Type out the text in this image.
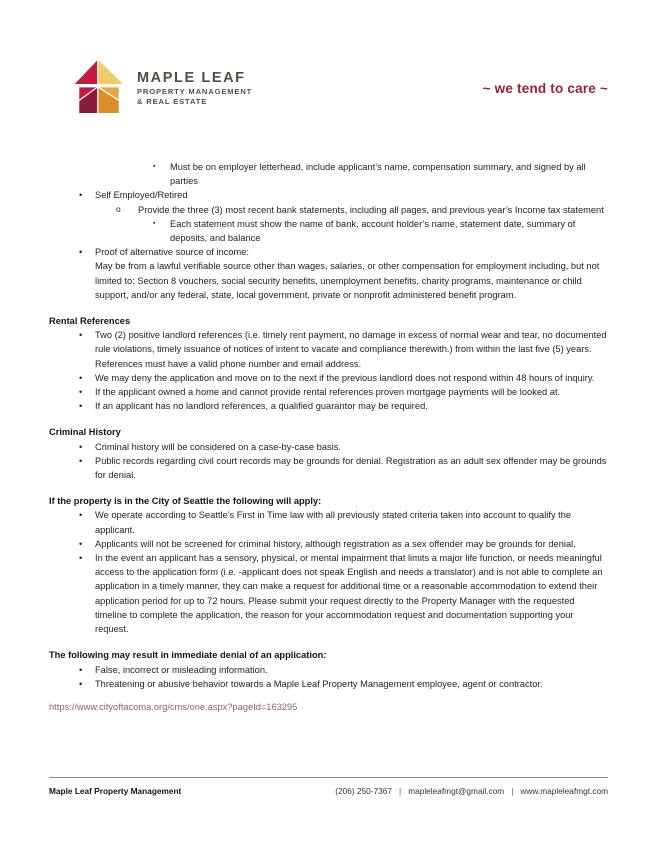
MAPLE LEAF
PROPERTY MANAGEMENT
& REAL ESTATE
~ we tend to care ~
▪ Must be on employer letterhead, include applicant’s name, compensation summary, and signed by all parties
• Self Employed/Retired
o Provide the three (3) most recent bank statements, including all pages, and previous year’s Income tax statement
▪ Each statement must show the name of bank, account holder’s name, statement date, summary of deposits, and balance
• Proof of alternative source of income:
May be from a lawful verifiable source other than wages, salaries, or other compensation for employment including, but not limited to: Section 8 vouchers, social security benefits, unemployment benefits, charity programs, maintenance or child support, and/or any federal, state, local government, private or nonprofit administered benefit program.
Rental References
• Two (2) positive landlord references (i.e. timely rent payment, no damage in excess of normal wear and tear, no documented rule violations, timely issuance of notices of intent to vacate and compliance therewith.) from within the last five (5) years. References must have a valid phone number and email address.
• We may deny the application and move on to the next if the previous landlord does not respond within 48 hours of inquiry.
• If the applicant owned a home and cannot provide rental references proven mortgage payments will be looked at.
• If an applicant has no landlord references, a qualified guarantor may be required.
Criminal History
• Criminal history will be considered on a case-by-case basis.
• Public records regarding civil court records may be grounds for denial. Registration as an adult sex offender may be grounds for denial.
If the property is in the City of Seattle the following will apply:
• We operate according to Seattle’s First in Time law with all previously stated criteria taken into account to qualify the applicant.
• Applicants will not be screened for criminal history, although registration as a sex offender may be grounds for denial.
• In the event an applicant has a sensory, physical, or mental impairment that limits a major life function, or needs meaningful access to the application form (i.e. -applicant does not speak English and needs a translator) and is not able to complete an application in a timely manner, they can make a request for additional time or a reasonable accommodation to extend their application period for up to 72 hours. Please submit your request directly to the Property Manager with the requested timeline to complete the application, the reason for your accommodation request and documentation supporting your request.
The following may result in immediate denial of an application:
• False, incorrect or misleading information.
• Threatening or abusive behavior towards a Maple Leaf Property Management employee, agent or contractor.
https://www.cityoftacoma.org/cms/one.aspx?pageId=163295
Maple Leaf Property Management	(206) 250-7367 | mapleleafmgt@gmail.com | www.mapleleafmgt.com
